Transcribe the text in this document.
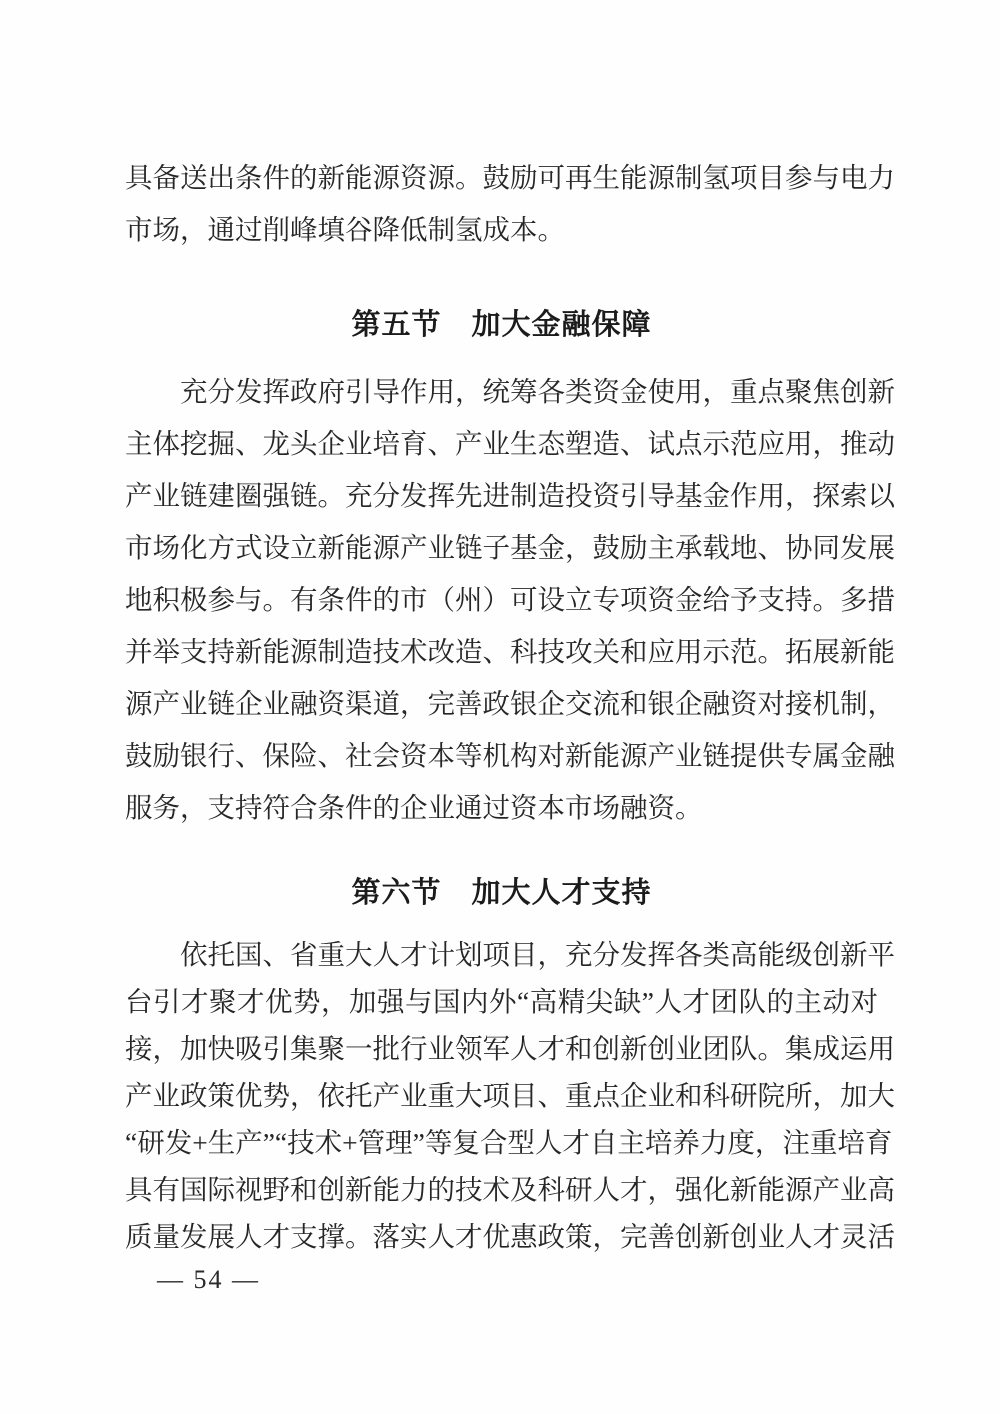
具备送出条件的新能源资源。鼓励可再生能源制氢项目参与电力
市场，通过削峰填谷降低制氢成本。

第五节　加大金融保障
充分发挥政府引导作用，统筹各类资金使用，重点聚焦创新
主体挖掘、龙头企业培育、产业生态塑造、试点示范应用，推动
产业链建圈强链。充分发挥先进制造投资引导基金作用，探索以
市场化方式设立新能源产业链子基金，鼓励主承载地、协同发展
地积极参与。有条件的市（州）可设立专项资金给予支持。多措
并举支持新能源制造技术改造、科技攻关和应用示范。拓展新能
源产业链企业融资渠道，完善政银企交流和银企融资对接机制，
鼓励银行、保险、社会资本等机构对新能源产业链提供专属金融
服务，支持符合条件的企业通过资本市场融资。
第六节　加大人才支持
依托国、省重大人才计划项目，充分发挥各类高能级创新平
台引才聚才优势，加强与国内外“高精尖缺”人才团队的主动对
接，加快吸引集聚一批行业领军人才和创新创业团队。集成运用
产业政策优势，依托产业重大项目、重点企业和科研院所，加大
“研发+生产”“技术+管理”等复合型人才自主培养力度，注重培育
具有国际视野和创新能力的技术及科研人才，强化新能源产业高
质量发展人才支撑。落实人才优惠政策，完善创新创业人才灵活
— 54 —
